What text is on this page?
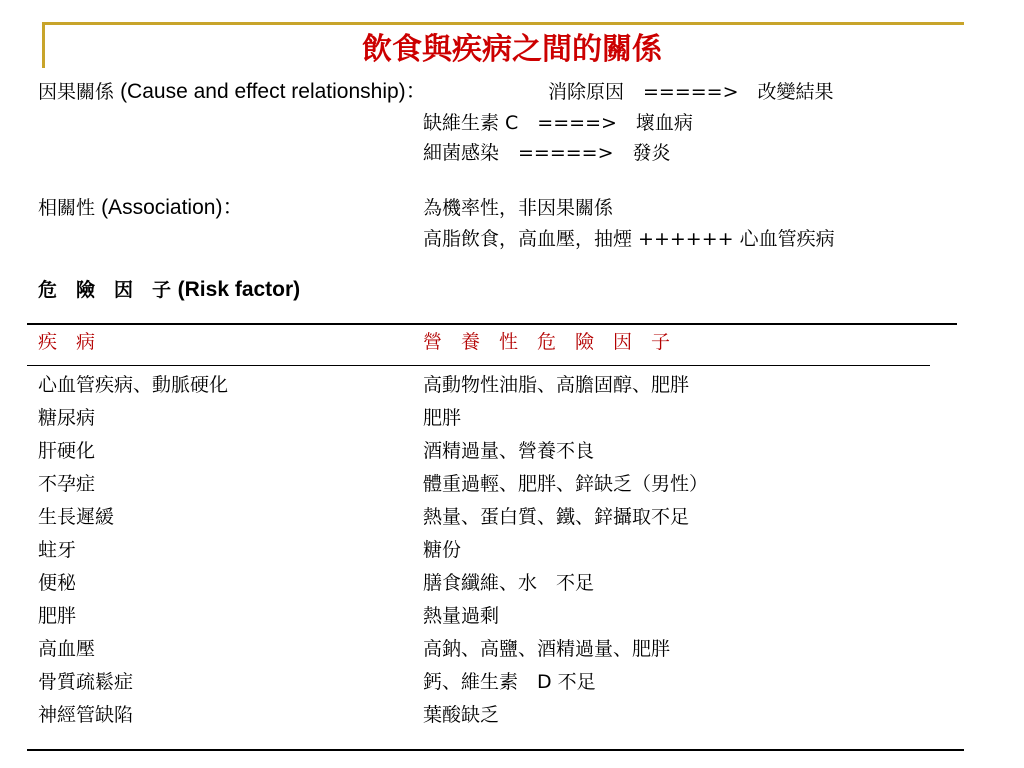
飲食與疾病之間的關係
因果關係 (Cause and effect relationship)：	消除原因　=====>　改變結果
缺維生素 C　====>　壞血病
細菌感染　=====>　發炎
相關性 (Association)：	為機率性，非因果關係
高脂飲食，高血壓，抽煙 ++++++ 心血管疾病
危　險　因　子 (Risk factor)
疾　病	營　養　性　危　險　因　子
心血管疾病、動脈硬化	高動物性油脂、高膽固醇、肥胖
糖尿病	肥胖
肝硬化	酒精過量、營養不良
不孕症	體重過輕、肥胖、鋅缺乏（男性）
生長遲緩	熱量、蛋白質、鐵、鋅攝取不足
蛀牙	糖份
便秘	膳食纖維、水　不足
肥胖	熱量過剩
高血壓	高鈉、高鹽、酒精過量、肥胖
骨質疏鬆症	鈣、維生素　D 不足
神經管缺陷	葉酸缺乏
